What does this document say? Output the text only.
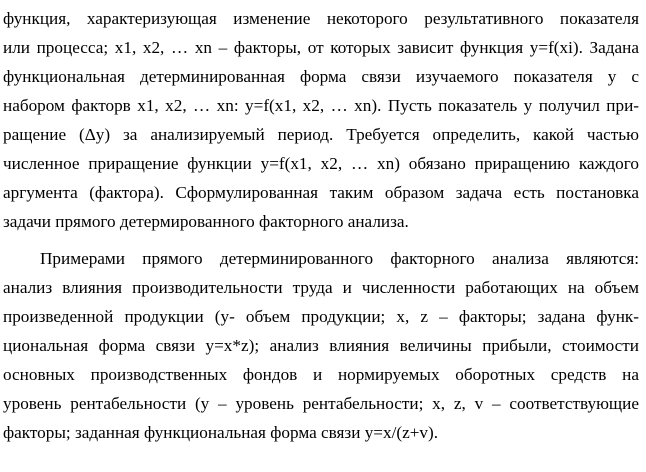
функция, характеризующая изменение некоторого результативного показателя
или процесса; x1, x2, … xn – факторы, от которых зависит функция y=f(xi). Задана
функциональная детерминированная форма связи изучаемого показателя y с
набором факторв x1, x2, … xn: y=f(x1, x2, … xn). Пусть показатель y получил при-
ращение (Δy) за анализируемый период. Требуется определить, какой частью
численное приращение функции y=f(x1, x2, … xn) обязано приращению каждого
аргумента (фактора). Сформулированная таким образом задача есть постановка
задачи прямого детермированного факторного анализа.
Примерами прямого детерминированного факторного анализа являются:
анализ влияния производительности труда и численности работающих на объем
произведенной продукции (y- объем продукции; x, z – факторы; задана функ-
циональная форма связи y=x*z); анализ влияния величины прибыли, стоимости
основных производственных фондов и нормируемых оборотных средств на
уровень рентабельности (y – уровень рентабельности; x, z, v – соответствующие
факторы; заданная функциональная форма связи y=x/(z+v).
